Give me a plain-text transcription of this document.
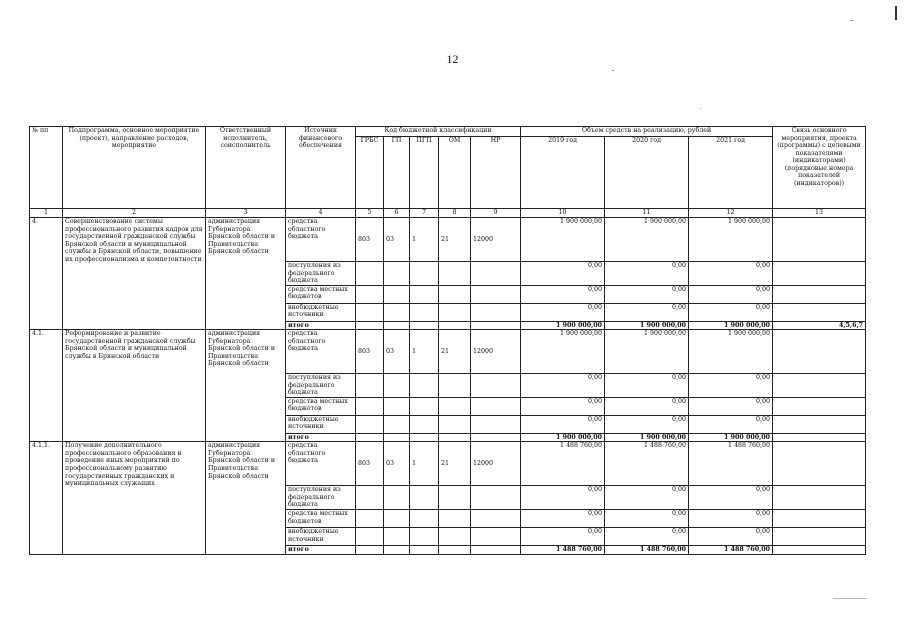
12
№ пп	Подпрограмма, основное мероприятие (проект), направление расходов, мероприятие	Ответственный исполнитель, соисполнитель	Источник финансового обеспечения	Код бюджетной классификации					Объем средств на реализацию, рублей			Связь основного мероприятия, проекта (программы) с целевыми показателями (индикаторами) (порядковые номера показателей (индикаторов))
				ГРБС	ГП	ПГП	ОМ	НР	2019 год	2020 год	2021 год	
1	2	3	4	5	6	7	8	9	10	11	12	13
4.	Совершенствование системы профессионального развития кадров для государственной гражданской службы Брянской области и муниципальной службы в Брянской области, повышение их профессионализма и компетентности	администрация Губернатора Брянской области и Правительства Брянской области	средства областного бюджета	803	03	1	21	12000	1 900 000,00	1 900 000,00	1 900 000,00	
			поступления из федерального бюджета						0,00	0,00	0,00	
			средства местных бюджетов						0,00	0,00	0,00	
			внебюджетные источники						0,00	0,00	0,00	
			итого						1 900 000,00	1 900 000,00	1 900 000,00	4,5,6,7
4.1.	Реформирование и развитие государственной гражданской службы Брянской области и муниципальной службы в Брянской области	администрация Губернатора Брянской области и Правительства Брянской области	средства областного бюджета	803	03	1	21	12000	1 900 000,00	1 900 000,00	1 900 000,00	
			поступления из федерального бюджета						0,00	0,00	0,00	
			средства местных бюджетов						0,00	0,00	0,00	
			внебюджетные источники						0,00	0,00	0,00	
			итого						1 900 000,00	1 900 000,00	1 900 000,00	
4.1.1.	Получение дополнительного профессионального образования и проведение иных мероприятий по профессиональному развитию государственных гражданских и муниципальных служащих	администрация Губернатора Брянской области и Правительства Брянской области	средства областного бюджета	803	03	1	21	12000	1 488 760,00	1 488 760,00	1 488 760,00	
			поступления из федерального бюджета						0,00	0,00	0,00	
			средства местных бюджетов						0,00	0,00	0,00	
			внебюджетные источники						0,00	0,00	0,00	
			итого						1 488 760,00	1 488 760,00	1 488 760,00	
